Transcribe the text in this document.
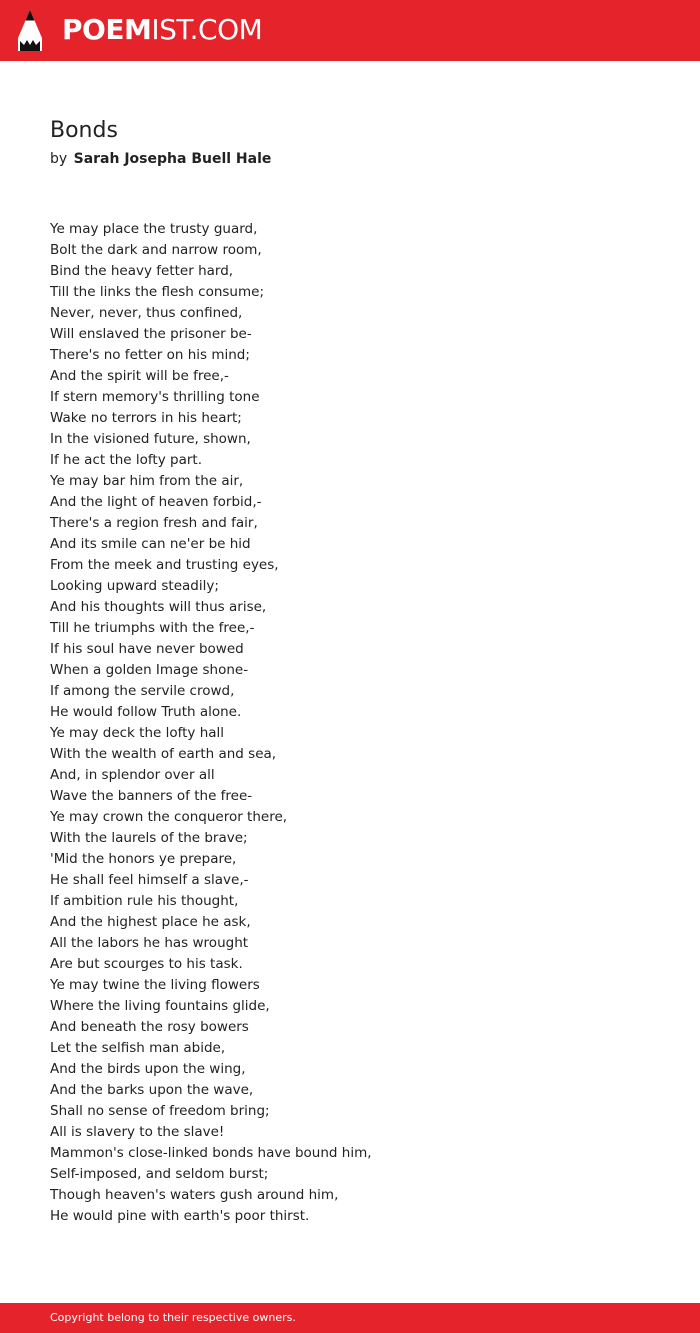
POEMIST.COM
Bonds
by Sarah Josepha Buell Hale
Ye may place the trusty guard,
Bolt the dark and narrow room,
Bind the heavy fetter hard,
Till the links the flesh consume;
Never, never, thus confined,
Will enslaved the prisoner be-
There's no fetter on his mind;
And the spirit will be free,-
If stern memory's thrilling tone
Wake no terrors in his heart;
In the visioned future, shown,
If he act the lofty part.
Ye may bar him from the air,
And the light of heaven forbid,-
There's a region fresh and fair,
And its smile can ne'er be hid
From the meek and trusting eyes,
Looking upward steadily;
And his thoughts will thus arise,
Till he triumphs with the free,-
If his soul have never bowed
When a golden Image shone-
If among the servile crowd,
He would follow Truth alone.
Ye may deck the lofty hall
With the wealth of earth and sea,
And, in splendor over all
Wave the banners of the free-
Ye may crown the conqueror there,
With the laurels of the brave;
'Mid the honors ye prepare,
He shall feel himself a slave,-
If ambition rule his thought,
And the highest place he ask,
All the labors he has wrought
Are but scourges to his task.
Ye may twine the living flowers
Where the living fountains glide,
And beneath the rosy bowers
Let the selfish man abide,
And the birds upon the wing,
And the barks upon the wave,
Shall no sense of freedom bring;
All is slavery to the slave!
Mammon's close-linked bonds have bound him,
Self-imposed, and seldom burst;
Though heaven's waters gush around him,
He would pine with earth's poor thirst.
Copyright belong to their respective owners.
